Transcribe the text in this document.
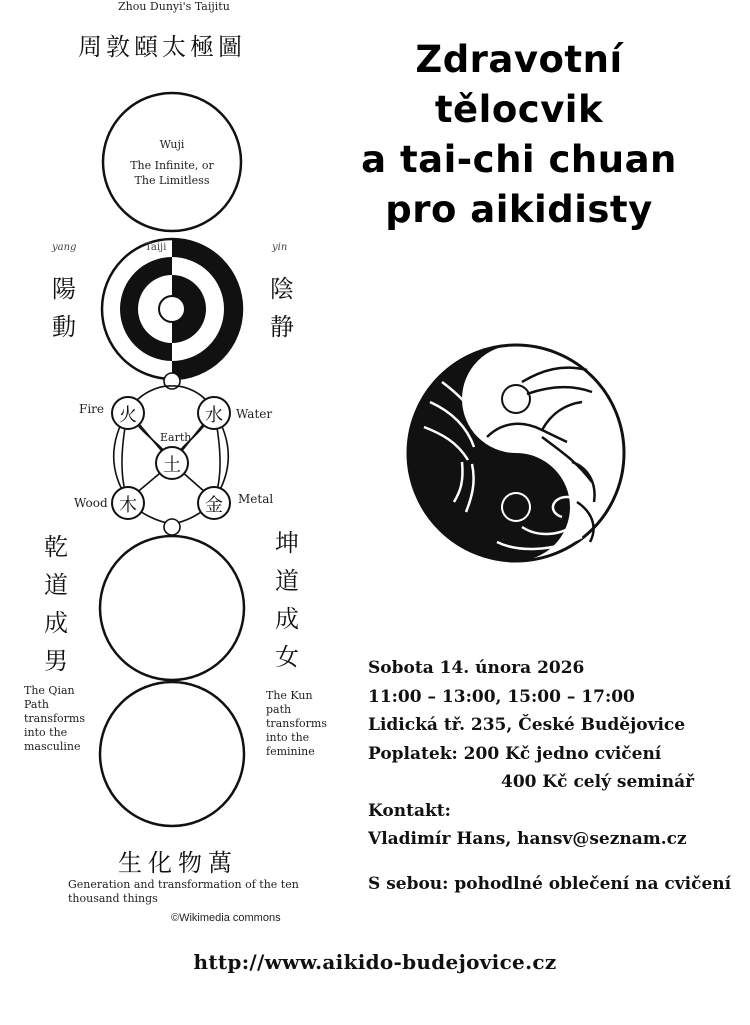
Zhou Dunyi's Taijitu
周敦頤太極圖
Wuji
The Infinite, or
The Limitless
Taiji
yang	yin
陽
動
陰
静
火	水
土
木	金
Fire	Water
Earth
Wood	Metal
乾
道
成
男
坤
道
成
女
The Qian
Path
transforms
into the
masculine
The Kun
path
transforms
into the
feminine
生化物萬
Generation and transformation of the ten
thousand things
©Wikimedia commons
Zdravotní
tělocvik
a tai-chi chuan
pro aikidisty
Sobota 14. února 2026
11:00 – 13:00, 15:00 – 17:00
Lidická tř. 235, České Budějovice
Poplatek: 200 Kč jedno cvičení
400 Kč celý seminář
Kontakt:
Vladimír Hans, hansv@seznam.cz
S sebou: pohodlné oblečení na cvičení
http://www.aikido-budejovice.cz
